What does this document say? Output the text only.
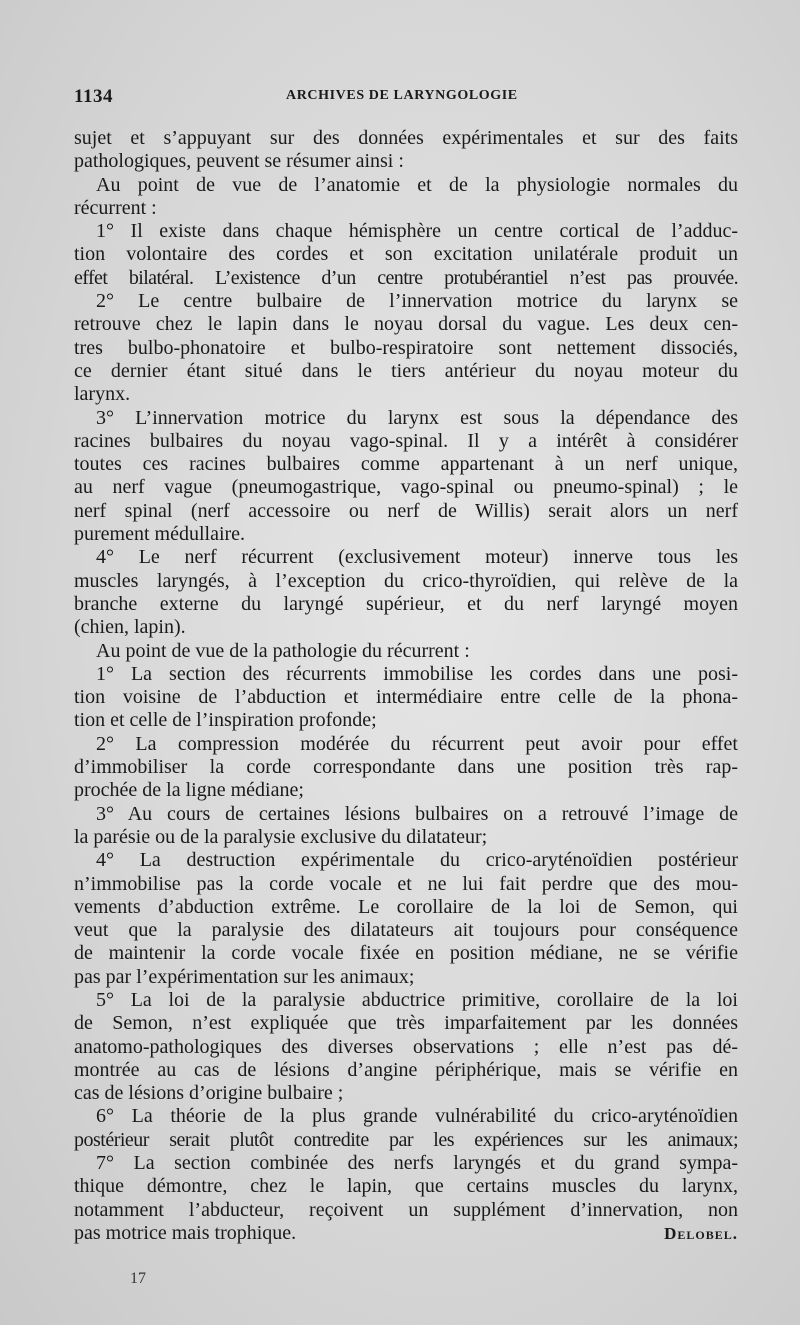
1134	ARCHIVES DE LARYNGOLOGIE
sujet et s’appuyant sur des données expérimentales et sur des faits
pathologiques, peuvent se résumer ainsi :
Au point de vue de l’anatomie et de la physiologie normales du
récurrent :
1° Il existe dans chaque hémisphère un centre cortical de l’adduc-
tion volontaire des cordes et son excitation unilatérale produit un
effet bilatéral. L’existence d’un centre protubérantiel n’est pas prouvée.
2° Le centre bulbaire de l’innervation motrice du larynx se
retrouve chez le lapin dans le noyau dorsal du vague. Les deux cen-
tres bulbo-phonatoire et bulbo-respiratoire sont nettement dissociés,
ce dernier étant situé dans le tiers antérieur du noyau moteur du
larynx.
3° L’innervation motrice du larynx est sous la dépendance des
racines bulbaires du noyau vago-spinal. Il y a intérêt à considérer
toutes ces racines bulbaires comme appartenant à un nerf unique,
au nerf vague (pneumogastrique, vago-spinal ou pneumo-spinal) ; le
nerf spinal (nerf accessoire ou nerf de Willis) serait alors un nerf
purement médullaire.
4° Le nerf récurrent (exclusivement moteur) innerve tous les
muscles laryngés, à l’exception du crico-thyroïdien, qui relève de la
branche externe du laryngé supérieur, et du nerf laryngé moyen
(chien, lapin).
Au point de vue de la pathologie du récurrent :
1° La section des récurrents immobilise les cordes dans une posi-
tion voisine de l’abduction et intermédiaire entre celle de la phona-
tion et celle de l’inspiration profonde;
2° La compression modérée du récurrent peut avoir pour effet
d’immobiliser la corde correspondante dans une position très rap-
prochée de la ligne médiane;
3° Au cours de certaines lésions bulbaires on a retrouvé l’image de
la parésie ou de la paralysie exclusive du dilatateur;
4° La destruction expérimentale du crico-aryténoïdien postérieur
n’immobilise pas la corde vocale et ne lui fait perdre que des mou-
vements d’abduction extrême. Le corollaire de la loi de Semon, qui
veut que la paralysie des dilatateurs ait toujours pour conséquence
de maintenir la corde vocale fixée en position médiane, ne se vérifie
pas par l’expérimentation sur les animaux;
5° La loi de la paralysie abductrice primitive, corollaire de la loi
de Semon, n’est expliquée que très imparfaitement par les données
anatomo-pathologiques des diverses observations ; elle n’est pas dé-
montrée au cas de lésions d’angine périphérique, mais se vérifie en
cas de lésions d’origine bulbaire ;
6° La théorie de la plus grande vulnérabilité du crico-aryténoïdien
postérieur serait plutôt contredite par les expériences sur les animaux;
7° La section combinée des nerfs laryngés et du grand sympa-
thique démontre, chez le lapin, que certains muscles du larynx,
notamment l’abducteur, reçoivent un supplément d’innervation, non
pas motrice mais trophique.	Delobel.
17
